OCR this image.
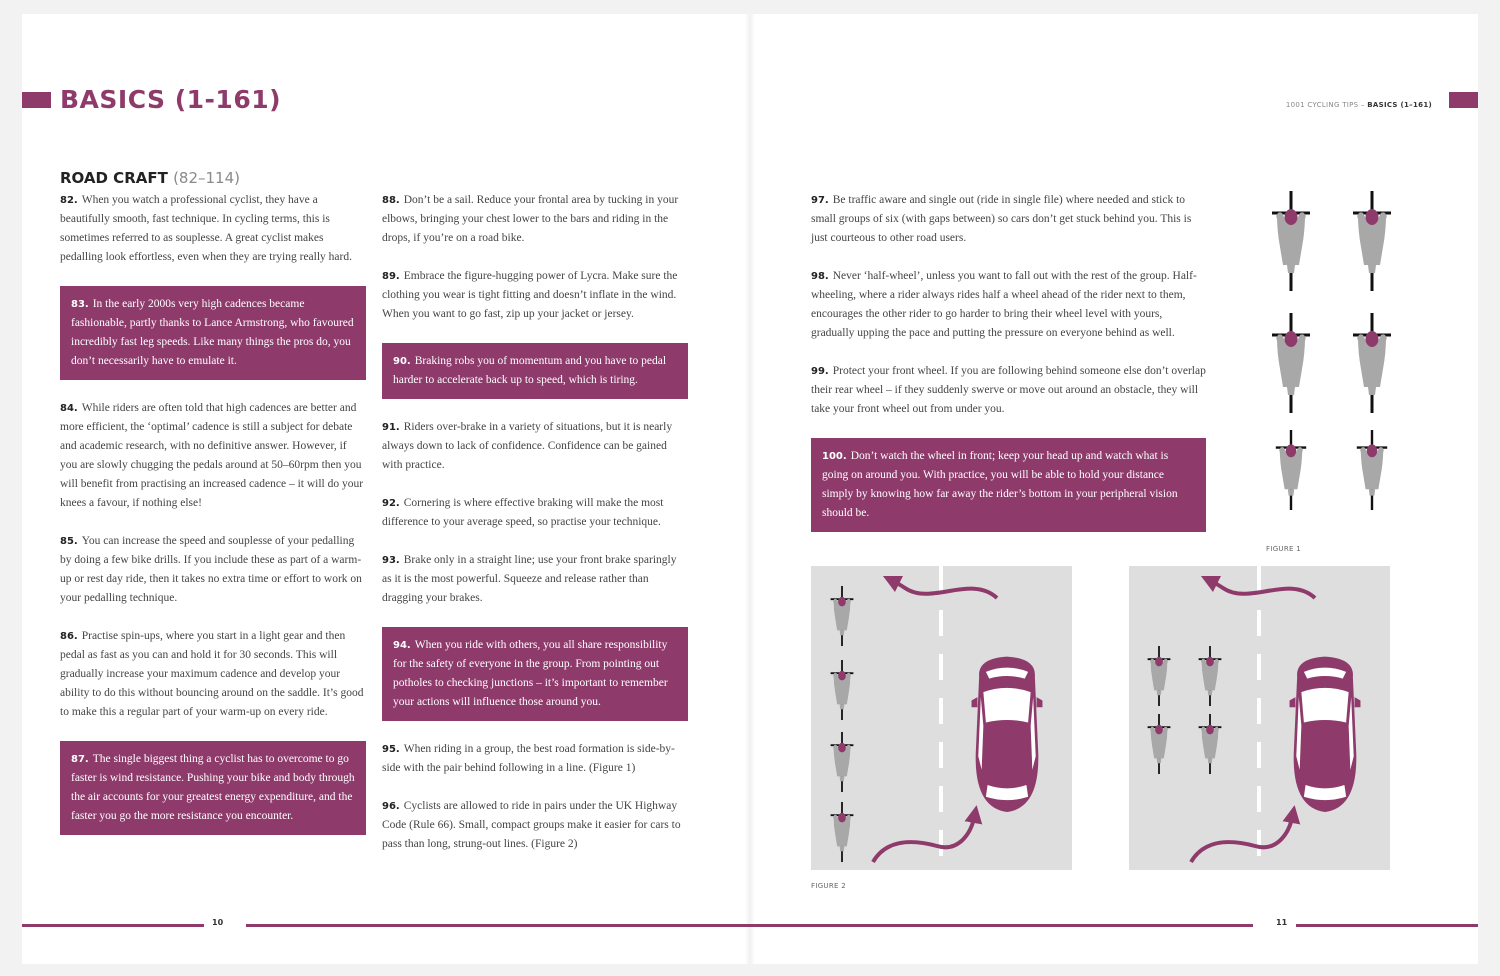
BASICS (1-161)	1001 CYCLING TIPS – BASICS (1–161)
ROAD CRAFT (82–114)

82. When you watch a professional cyclist, they have a beautifully smooth, fast technique. In cycling terms, this is sometimes referred to as souplesse. A great cyclist makes pedalling look effortless, even when they are trying really hard.

83. In the early 2000s very high cadences became fashionable, partly thanks to Lance Armstrong, who favoured incredibly fast leg speeds. Like many things the pros do, you don’t necessarily have to emulate it.

84. While riders are often told that high cadences are better and more efficient, the ‘optimal’ cadence is still a subject for debate and academic research, with no definitive answer. However, if you are slowly chugging the pedals around at 50–60rpm then you will benefit from practising an increased cadence – it will do your knees a favour, if nothing else!

85. You can increase the speed and souplesse of your pedalling by doing a few bike drills. If you include these as part of a warm-up or rest day ride, then it takes no extra time or effort to work on your pedalling technique.

86. Practise spin-ups, where you start in a light gear and then pedal as fast as you can and hold it for 30 seconds. This will gradually increase your maximum cadence and develop your ability to do this without bouncing around on the saddle. It’s good to make this a regular part of your warm-up on every ride.

87. The single biggest thing a cyclist has to overcome to go faster is wind resistance. Pushing your bike and body through the air accounts for your greatest energy expenditure, and the faster you go the more resistance you encounter.

88. Don’t be a sail. Reduce your frontal area by tucking in your elbows, bringing your chest lower to the bars and riding in the drops, if you’re on a road bike.

89. Embrace the figure-hugging power of Lycra. Make sure the clothing you wear is tight fitting and doesn’t inflate in the wind. When you want to go fast, zip up your jacket or jersey.

90. Braking robs you of momentum and you have to pedal harder to accelerate back up to speed, which is tiring.

91. Riders over-brake in a variety of situations, but it is nearly always down to lack of confidence. Confidence can be gained with practice.

92. Cornering is where effective braking will make the most difference to your average speed, so practise your technique.

93. Brake only in a straight line; use your front brake sparingly as it is the most powerful. Squeeze and release rather than dragging your brakes.

94. When you ride with others, you all share responsibility for the safety of everyone in the group. From pointing out potholes to checking junctions – it’s important to remember your actions will influence those around you.

95. When riding in a group, the best road formation is side-by-side with the pair behind following in a line. (Figure 1)

96. Cyclists are allowed to ride in pairs under the UK Highway Code (Rule 66). Small, compact groups make it easier for cars to pass than long, strung-out lines. (Figure 2)

97. Be traffic aware and single out (ride in single file) where needed and stick to small groups of six (with gaps between) so cars don’t get stuck behind you. This is just courteous to other road users.

98. Never ‘half-wheel’, unless you want to fall out with the rest of the group. Half-wheeling, where a rider always rides half a wheel ahead of the rider next to them, encourages the other rider to go harder to bring their wheel level with yours, gradually upping the pace and putting the pressure on everyone behind as well.

99. Protect your front wheel. If you are following behind someone else don’t overlap their rear wheel – if they suddenly swerve or move out around an obstacle, they will take your front wheel out from under you.

100. Don’t watch the wheel in front; keep your head up and watch what is going on around you. With practice, you will be able to hold your distance simply by knowing how far away the rider’s bottom in your peripheral vision should be.

FIGURE 1
FIGURE 2
10	11
